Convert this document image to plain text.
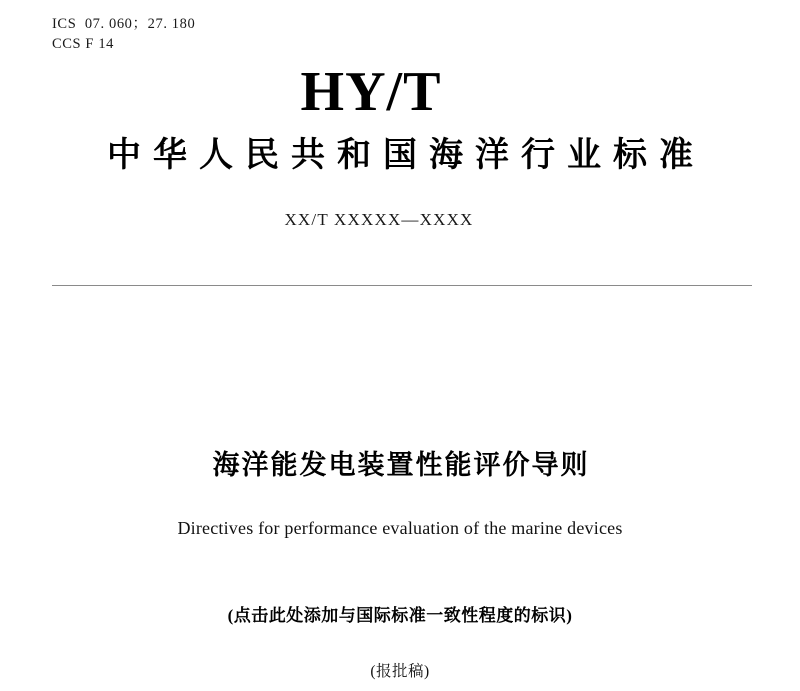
ICS  07. 060；27. 180
CCS F 14
HY/T
中华人民共和国海洋行业标准
XX/T XXXXX—XXXX
海洋能发电装置性能评价导则
Directives for performance evaluation of the marine devices
(点击此处添加与国际标准一致性程度的标识)
(报批稿)
